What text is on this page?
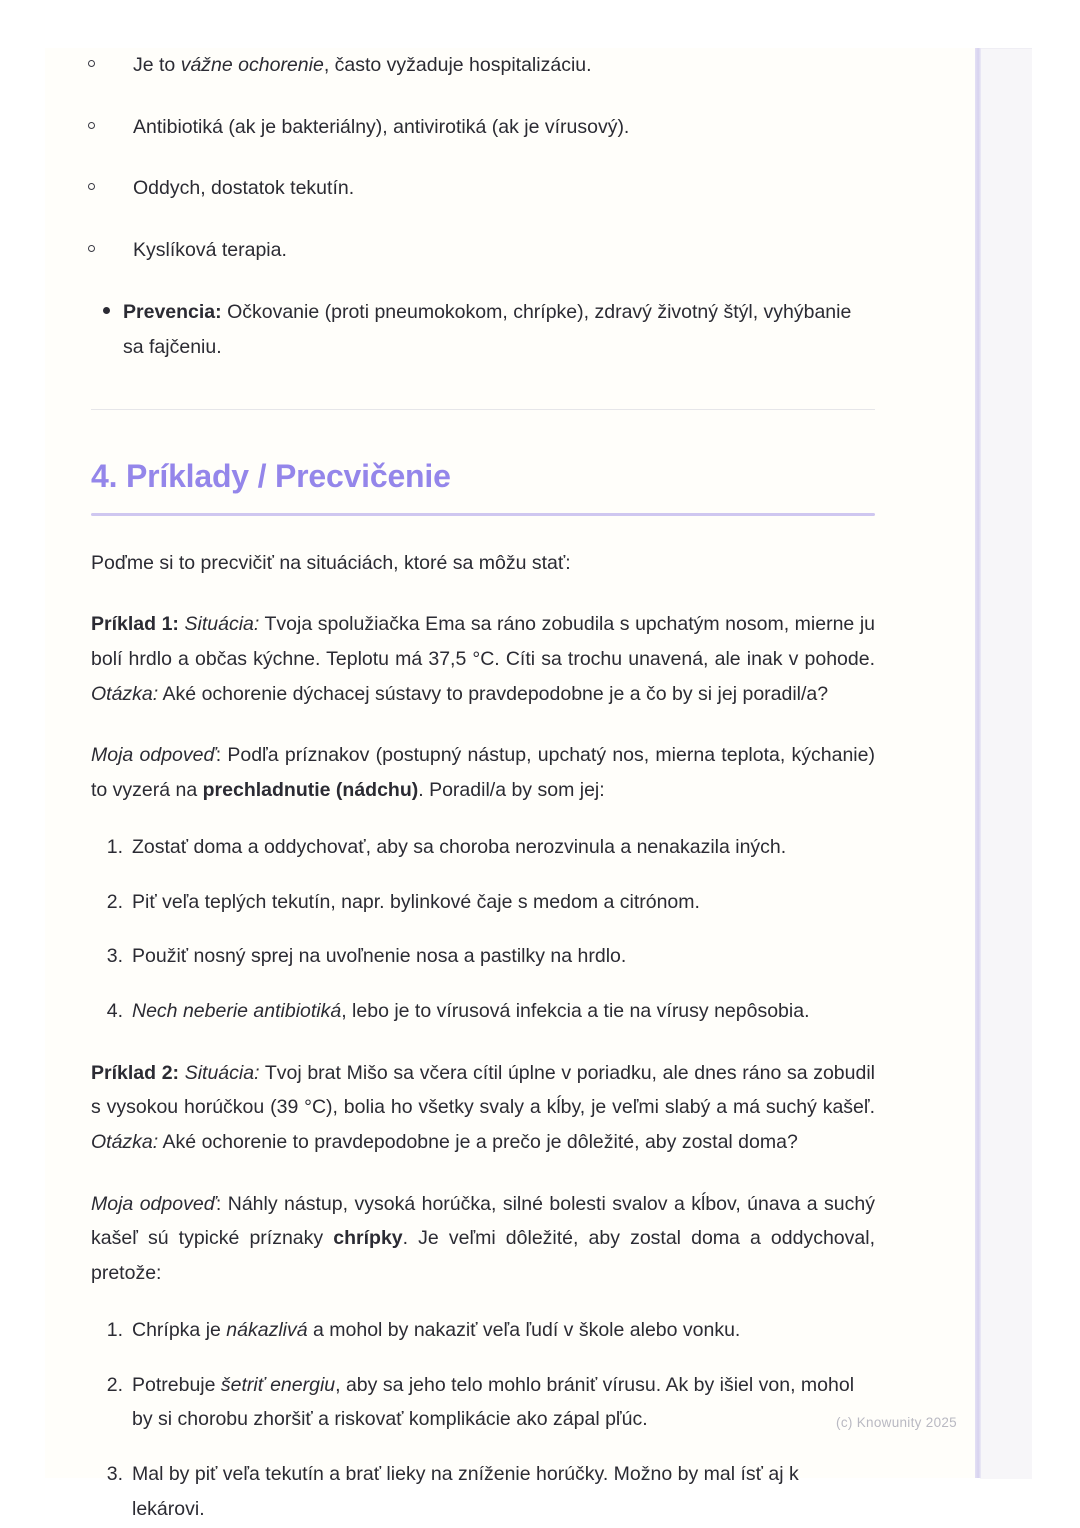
Je to vážne ochorenie, často vyžaduje hospitalizáciu.
Antibiotiká (ak je bakteriálny), antivirotiká (ak je vírusový).
Oddych, dostatok tekutín.
Kyslíková terapia.
Prevencia: Očkovanie (proti pneumokokom, chrípke), zdravý životný štýl, vyhýbanie sa fajčeniu.
4. Príklady / Precvičenie

Poďme si to precvičiť na situáciách, ktoré sa môžu stať:

Príklad 1: Situácia: Tvoja spolužiačka Ema sa ráno zobudila s upchatým nosom, mierne ju bolí hrdlo a občas kýchne. Teplotu má 37,5 °C. Cíti sa trochu unavená, ale inak v pohode. Otázka: Aké ochorenie dýchacej sústavy to pravdepodobne je a čo by si jej poradil/a?

Moja odpoveď: Podľa príznakov (postupný nástup, upchatý nos, mierna teplota, kýchanie) to vyzerá na prechladnutie (nádchu). Poradil/a by som jej:

Zostať doma a oddychovať, aby sa choroba nerozvinula a nenakazila iných.
Piť veľa teplých tekutín, napr. bylinkové čaje s medom a citrónom.
Použiť nosný sprej na uvoľnenie nosa a pastilky na hrdlo.
Nech neberie antibiotiká, lebo je to vírusová infekcia a tie na vírusy nepôsobia.

Príklad 2: Situácia: Tvoj brat Mišo sa včera cítil úplne v poriadku, ale dnes ráno sa zobudil s vysokou horúčkou (39 °C), bolia ho všetky svaly a kĺby, je veľmi slabý a má suchý kašeľ. Otázka: Aké ochorenie to pravdepodobne je a prečo je dôležité, aby zostal doma?

Moja odpoveď: Náhly nástup, vysoká horúčka, silné bolesti svalov a kĺbov, únava a suchý kašeľ sú typické príznaky chrípky. Je veľmi dôležité, aby zostal doma a oddychoval, pretože:

Chrípka je nákazlivá a mohol by nakaziť veľa ľudí v škole alebo vonku.
Potrebuje šetriť energiu, aby sa jeho telo mohlo brániť vírusu. Ak by išiel von, mohol by si chorobu zhoršiť a riskovať komplikácie ako zápal pľúc.
Mal by piť veľa tekutín a brať lieky na zníženie horúčky. Možno by mal ísť aj k lekárovi.
(c) Knowunity 2025
